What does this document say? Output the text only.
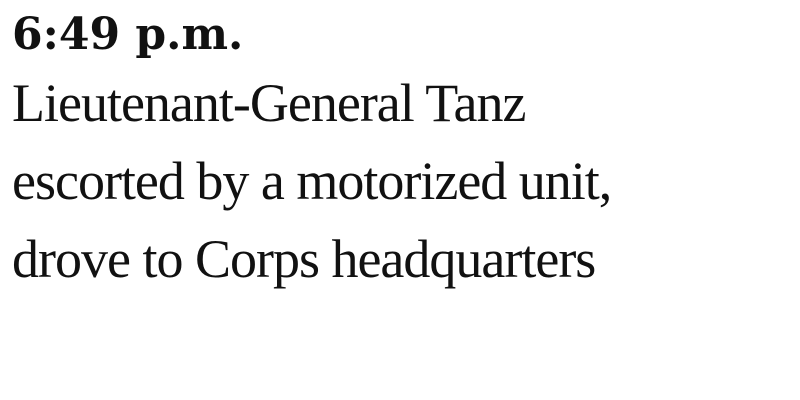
6:49 p.m.

Lieutenant-General Tanz
escorted by a motorized unit,
drove to Corps headquarters
